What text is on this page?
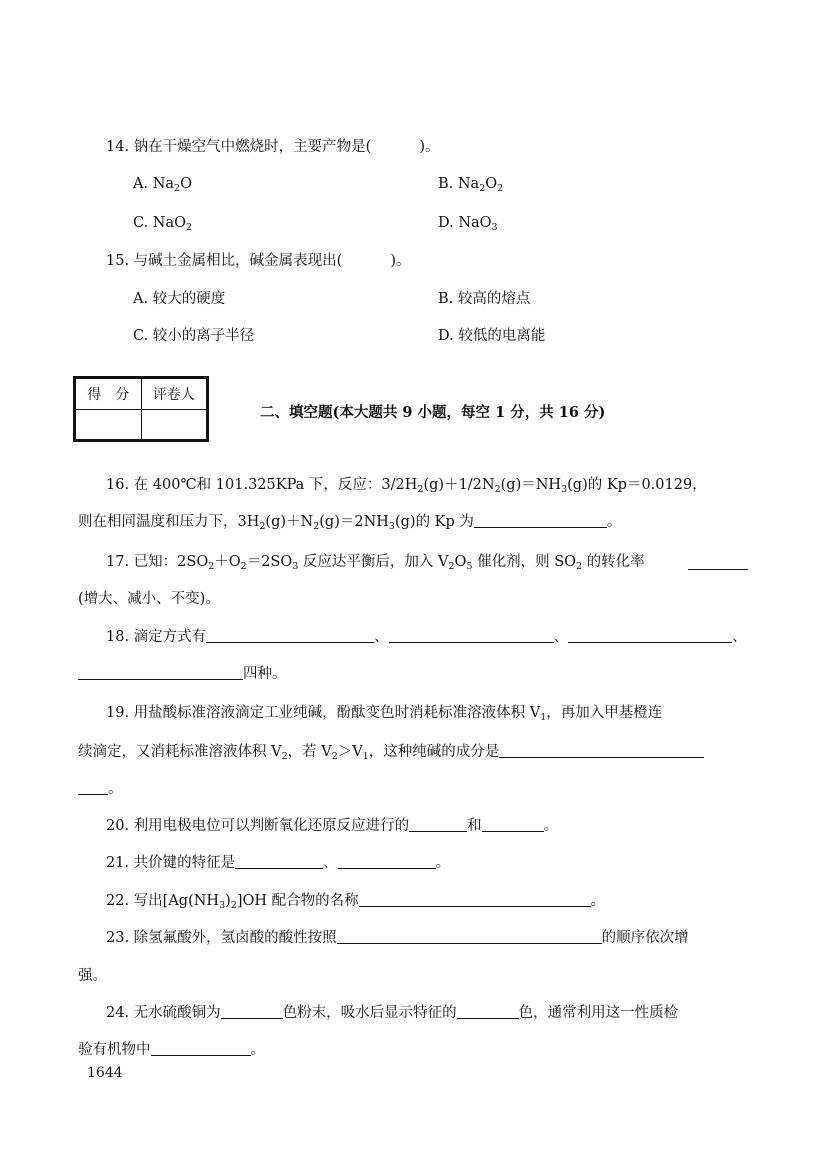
14. 钠在干燥空气中燃烧时，主要产物是(	)。
A. $Na_2O$	B. $Na_2O_2$
C. NaO$_2$	D. NaO$_3$
15. 与碱土金属相比，碱金属表现出(	)。
A. 较大的硬度	B. 较高的熔点
C. 较小的离子半径	D. 较低的电离能
得　分	评卷人

二、填空题(本大题共 9 小题，每空 1 分，共 16 分)
16. 在 400℃和 101.325KPa 下，反应：$3/2H_2(g)+1/2N_2(g)=NH_3(g)$的 Kp＝0.0129，
则在相同温度和压力下，$3H_2(g)+N_2(g)=2NH_3(g)$的 Kp 为	。
17. 已知：$2SO_2+O_2=2SO_3$ 反应达平衡后，加入 $V_2O_5$ 催化剂，则 $SO_2$ 的转化率
(增大、减小、不变)。
18. 滴定方式有	、	、	、
四种。
19. 用盐酸标准溶液滴定工业纯碱，酚酞变色时消耗标准溶液体积 $V_1$，再加入甲基橙连
续滴定，又消耗标准溶液体积 $V_2$，若 $V_2>V_1$，这种纯碱的成分是
。
20. 利用电极电位可以判断氧化还原反应进行的	和	。
21. 共价键的特征是	、	。
22. 写出$[Ag(NH_3)_2]OH$ 配合物的名称	。
23. 除氢氟酸外，氢卤酸的酸性按照	的顺序依次增
强。
24. 无水硫酸铜为	色粉末，吸水后显示特征的	色，通常利用这一性质检
验有机物中	。
1644
